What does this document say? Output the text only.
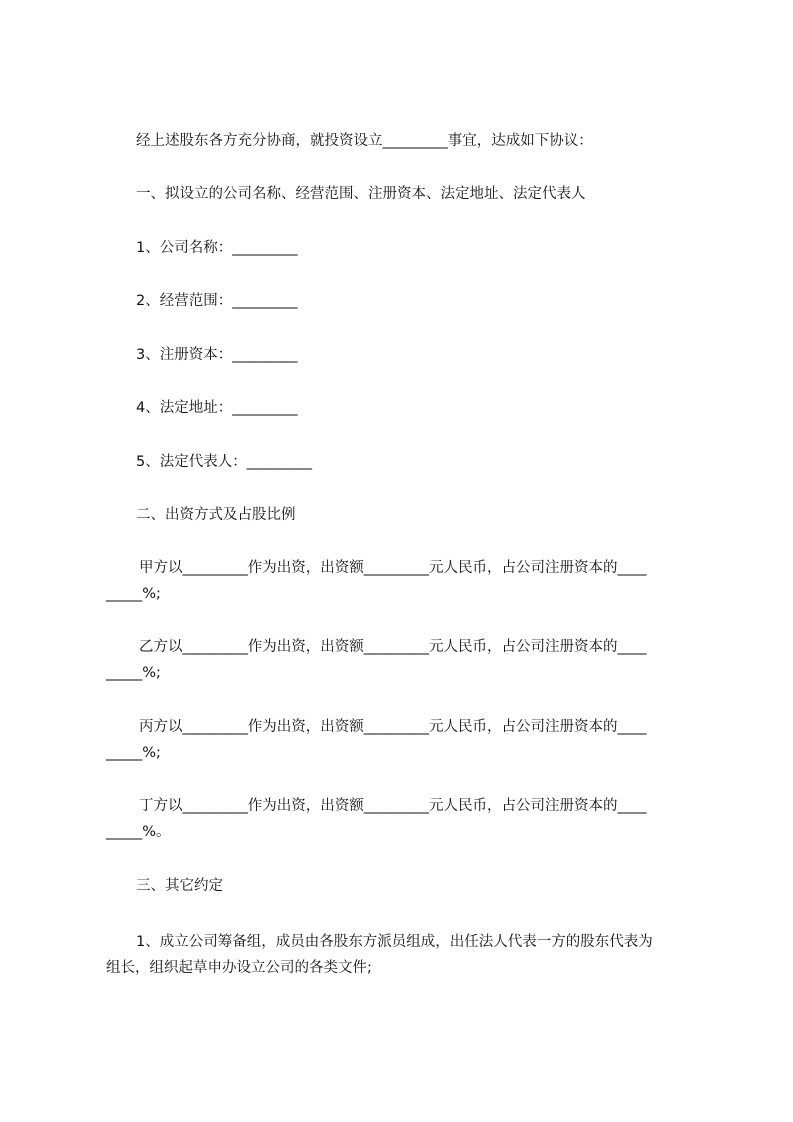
经上述股东各方充分协商，就投资设立_________事宜，达成如下协议：
一、拟设立的公司名称、经营范围、注册资本、法定地址、法定代表人
1、公司名称：_________
2、经营范围：_________
3、注册资本：_________
4、法定地址：_________
5、法定代表人：_________
二、出资方式及占股比例
甲方以_________作为出资，出资额_________元人民币，占公司注册资本的____
_____%;
乙方以_________作为出资，出资额_________元人民币，占公司注册资本的____
_____%;
丙方以_________作为出资，出资额_________元人民币，占公司注册资本的____
_____%;
丁方以_________作为出资，出资额_________元人民币，占公司注册资本的____
_____%。
三、其它约定
1、成立公司筹备组，成员由各股东方派员组成，出任法人代表一方的股东代表为
组长，组织起草申办设立公司的各类文件;
